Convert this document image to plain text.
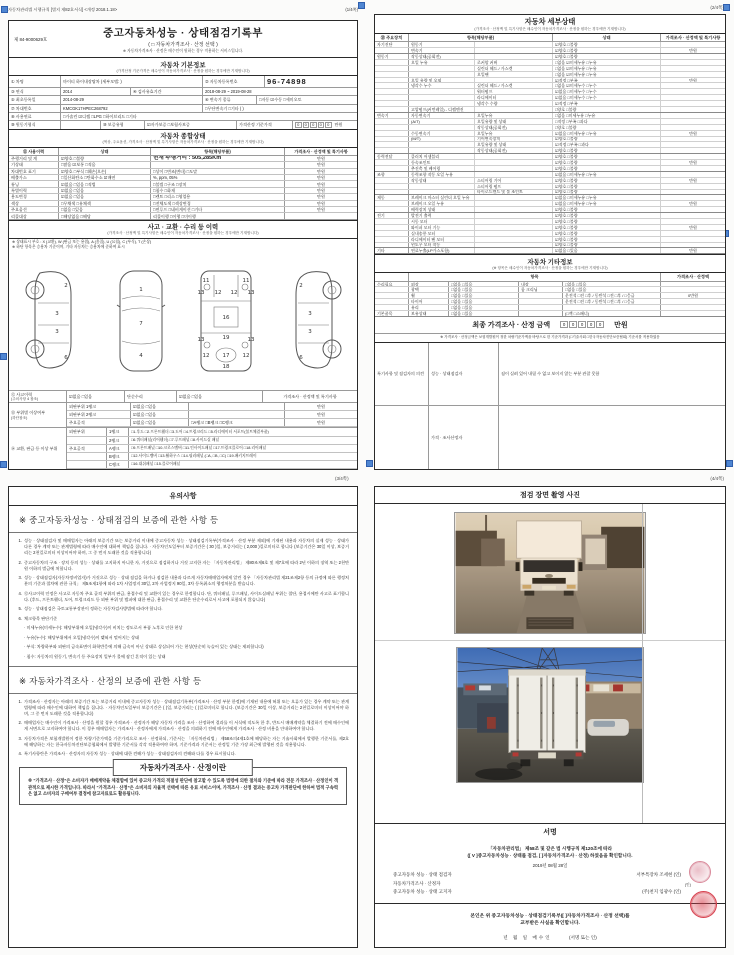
자동차관리법 시행규칙 [별지 제82호서식] <개정 2018.1.18>	(1/4쪽)	(2/4쪽)
(3/4쪽)	(4/4쪽)
제 84-9000629호
중고자동차성능 · 상태점검기록부
( □ 자동차가격조사 · 산정 선택 )
※ 자동차가격조사 · 산정은 매수인이 원하는 경우 적용하는 서비스입니다.
자동차 기본정보
(가격산정 기준가격은 매수인이 자동차가격조사 · 산정을 원하는 경우에만 기재합니다)
① 차명	마이티 하이내장탑차 (세부모델: )	② 자동차등록번호	96-74898
③ 연식	2014	④ 검사유효기간	2018-08-29 ~ 2019-08-28
⑤ 최초등록일	2014-08-29	⑥ 변속기 종류	□자동 ☑수동 □세미오토
⑦ 차대번호	KMCGK17HPEC268792	□무단변속기 □기타 ( )
⑧ 사용연료	□가솔린 ☑디젤 □LPG □하이브리드 □기타
⑨ 원동기형식	⑩ 보증유형	☑자가보증 □보험사보증	가격산정 기준가격	0	0	0	0	0	만원
자동차 종합상태
(색상, 주요옵션, 가격조사 · 산정액 및 특기사항은 자동차가격조사 · 산정을 원하는 경우에만 기재합니다)
⑪ 사용이력	상태	항목(해당부품)	가격조사 · 산정액 및 특기사항
주행거리 및 계	☑양호 □불량	현재 주행거리 : 505,285Km	만원
기상태	□많음 ☑보통 □적음	만원
차대번호 표기	☑양호 □부식 □훼손(오손)	□상이 □변조(변타) □도말	만원
배출가스	□일산화탄소 □탄화수소 ☑매연	%, ppm, 05%	만원
튜닝	☑없음 □있음 □적법	□불법 □구조 □장치	만원
특별이력	☑없음 □있음	□침수 □화재	만원
용도변경	☑없음 □있음	□렌트 □리스 □영업용	만원
색상	□무채색 □유채색	□전체도색 □색상변경	만원
주요옵션	□없음 □있음	□썬루프 □네비게이션 □기타	만원
리콜대상	□해당없음 □해당	리콜이행 □이행 □미이행
사고 · 교환 · 수리 등 이력
(가격조사 · 산정액 및 특기사항은 매수인이 자동차가격조사 · 산정을 원하는 경우에만 기재합니다)
※ 상태표시 부호 : X (교환), W (판금 또는 용접), A (흠집), U (요철), C (부식), T (손상)
※ 하단 항목은 승용차 기준이며, 기타 자동차는 승용차에 준하여 표시
2
3
3
6
1
7
4
11	11
13 12 12 13
16
13	19	13
12 17 12
18
2
3
3
6
⑫ 사고이력
(주의사항 4 참조)	☑없음 □있음	단순수리	☑없음 □있음	가격조사 · 산정액 및 특기사항
⑬ 부위별 이상여부
(하단참조)
외판부위 1랭크	☑없음 □있음	만원
외판부위 2랭크	☑없음 □있음	만원
주요골격	☑없음 □있음	□A랭크 □B랭크 □C랭크	만원
⑭ 교환, 판금 등 이상 부위
외판부위	1랭크	□1.후드 □2.프론트휀더 □3.도어 □4.트렁크리드 □5.라디에이터 서포트(볼트체결부품)
2랭크	□6.쿼터패널(리어휀더) □7.루프패널 □8.사이드실 패널
주요골격	A랭크	□9.프론트패널 □10.크로스멤버 □11.인사이드패널 □17.트렁크플로어 □18.리어패널
B랭크	□12.사이드멤버 □13.휠하우스 □14.필러패널 (□A, □B, □C) □19.패키지트레이
C랭크	□16.대쉬패널 □15.플로어패널
자동차 세부상태
(가격조사 · 산정액 및 특기사항은 매수인이 자동차가격조사 · 산정을 원하는 경우에만 기재합니다)
⑮ 주요장치	항목(해당부품)	상태	가격조사 · 산정액 및 특기사항
자기진단	원동기	☑양호 □불량
변속기	☑양호 □불량	만원
원동기	작동상태(공회전)	☑양호 □불량
오일 누유	로커암 커버	□없음 ☑미세누유 □누유
실린더 헤드 / 가스켓	□없음 ☑미세누유 □누유
오일팬	□없음 ☑미세누유 □누유
오일 유량 및 오염	☑적정 □부족	만원
냉각수 누수	실린더 헤드 / 가스켓	□없음 ☑미세누수 □누수
워터펌프	☑없음 □미세누수 □누수
라디에이터	☑없음 □미세누수 □누수
냉각수 수량	☑적정 □부족
고압펌프(커먼레일) - 디젤엔진	□양호 □불량
변속기	자동변속기	오일누유	□없음 □미세누유 □누유
(A/T)	오일유량 및 상태	□적정 □부족 □과다
작동상태(공회전)	□양호 □불량
수동변속기	오일누유	☑없음 □미세누유 □누유	만원
(M/T)	기어변속장치	☑양호 □불량
오일유량 및 상태	☑적정 □부족 □과다
작동상태(공회전)	☑양호 □불량
동력전달	클러치 어셈블리	☑양호 □불량
등속조인트	☑양호 □불량	만원
추진축 및 베어링	☑양호 □불량
조향	동력조향 작동 오일 누유	☑없음 □미세누유 □누유
작동상태	스티어링 기어	☑양호 □불량	만원
스티어링 펌프	☑양호 □불량
타이로드엔드 및 볼 조인트	☑양호 □불량
제동	브레이크 마스터 실린더 오일 누유	☑없음 □미세누유 □누유
브레이크 오일 누유	☑없음 □미세누유 □누유	만원
배력장치 상태	☑양호 □불량
전기	발전기 출력	☑양호 □불량
시동 모터	☑양호 □불량
와이퍼 모터 기능	☑양호 □불량	만원
실내송풍 모터	☑양호 □불량
라디에이터 팬 모터	☑양호 □불량
윈도우 모터 작동	☑양호 □불량
기타	연료누출(LP가스포함)	☑없음 □있음	만원
자동차 기타정보
(※ 항목은 매수인이 자동차가격조사 · 산정을 원하는 경우에만 기재합니다)
항목	가격조사 · 산정액
수리필요	외장	□없음 □있음	내장	□없음 □있음
광택	□없음 □있음	룸 크리닝	□없음 □있음
휠	□없음 □있음	운전석 □전 □후 / 동반석 □전 □후 / □응급	0만원
타이어	□없음 □있음	운전석 □전 □후 / 동반석 □전 □후 / □응급
유리	□없음 □있음
기본품목	보유상태	□없음 □있음	(□잭 □스패너)
최종 가격조사 · 산정 금액	0	0	0	0	0	만원
※ 가격조사 · 산정금액은 보험개발원이 정한 차량기준가액을 바탕으로 한 기준가격과 (□기술사회 □한국자동차진단보증협회) 기준서를 적용하였음
특기사항 및 점검자의 의견	성능 · 상태점검자	짐이 실려 있어 내릴 수 없고 보이지 않는 부분 관찰 못함
가격 · 조사산정자
유의사항
※ 중고자동차성능 · 상태점검의 보증에 관한 사항 등
1. 성능 · 상태점검자 및 매매업자는 아래의 보증기간 또는 보증거리 이내에 중고자동차 성능 · 상태점검기록부(가격조사 · 산정 부분 제외)에 기재된 내용과 자동차의 실제 성능 · 상태가 다른 경우 계약 또는 관계법령에 따라 매수인에 대하여 책임을 집니다. · 자동차인도일부터 보증기간은 ( 30 )일, 보증거리는 ( 2,000 )킬로미터로 합니다 (보증기간은 30일 이상, 보증거리는 2천킬로미터 이상이어야 하며, 그 중 먼저 도래한 것을 적용합니다)
2. 중고자동차의 구조 · 장치 등의 성능 · 상태를 고지하지 아니한 자, 거짓으로 점검하거나 거짓 고지한 자는 「자동차관리법」 제80조제6호 및 제7호에 따라 2년 이하의 징역 또는 2천만원 이하의 벌금에 처합니다.
3. 성능 · 상태점검자(자동차정비업자)가 거짓으로 성능 · 상태 점검을 하거나 점검한 내용과 다르게 자동차매매업자에게 알린 경우 「자동차관리법 제21조제2항 등의 규정에 따른 행정처분의 기준과 절차에 관한 규칙」 제5조제1항에 따라 1차 사업정지 30일, 2차 사업정지 90일, 3차 등록취소의 행정처분을 받습니다.
4. ⑫사고이력 인정은 사고로 자동차 주요 골격 부위의 판금, 용접수리 및 교환이 있는 경우로 한정합니다. 단, 쿼터패널, 루프패널, 사이드실패널 부위는 절단, 용접시에만 사고로 표기합니다. (후드, 프론트휀더, 도어, 트렁크리드 등 외판 부위 및 범퍼에 대한 판금, 용접수리 및 교환은 단순수리로서 사고에 포함되지 않습니다)
5. 성능 · 상태점검은 국토교통부장관이 정하는 자동차검사방법에 따라야 합니다.
6. 체크항목 판단기준
· 미세누유(미세누수): 해당부위에 오일(냉각수)이 비치는 정도로서 부품 노후로 인한 현상
· 누유(누수): 해당부위에서 오일(냉각수)이 맺혀서 떨어지는 상태
· 부식: 차량하부와 외판의 금속표면이 화학반응에 의해 금속이 아닌 상태로 상실되어 가는 현상(단순히 녹슬어 있는 상태는 제외합니다)
· 침수: 자동차의 원동기, 변속기 등 주요장치 일부가 물에 잠긴 흔적이 있는 상태
※ 자동차가격조사 · 산정의 보증에 관한 사항 등
1. 가격조사 · 산정자는 아래의 보증기간 또는 보증거리 이내에 중고자동차 성능 · 상태점검기록부(가격조사 · 산정 부분 한정)에 기재된 내용에 허위 또는 오류가 있는 경우 계약 또는 관계법령에 따라 매수인에 대하여 책임을 집니다. · 자동차인도일부터 보증기간은 ( )일, 보증거리는 ( )킬로미터로 합니다. (보증기간은 30일 이상, 보증거리는 2천킬로미터 이상이어야 하며, 그 중 먼저 도래한 것을 적용합니다)
2. 매매업자는 매수인이 가격조사 · 산정을 원할 경우 가격조사 · 산정자가 해당 자동차 가격을 조사 · 산정하여 결과를 이 서식에 적도록 한 후, 반드시 매매계약을 체결하기 전에 매수인에게 서면으로 고지하여야 합니다. 이 경우 매매업자는 가격조사 · 산정자에게 가격조사 · 산정을 의뢰하기 전에 매수인에게 가격조사 · 산정 비용을 안내하여야 합니다.
3. 자동차가격은 보험개발원이 정한 차량기준가액을 기준가격으로 조사 · 산정하되, 기준서는 「자동차관리법」 제58조의4제1호에 해당하는 자는 기술사회에서 발행한 기준서를, 제2호에 해당하는 자는 한국자동차진단보증협회에서 발행한 기준서를 각각 적용하여야 하며, 기준가격과 기준서는 산정일 기준 가장 최근에 발행된 것을 적용합니다.
4. 특기사항란은 가격조사 · 산정자의 자동차 성능 · 상태에 대한 견해가 성능 · 상태점검자의 견해와 다를 경우 표시합니다.
자동차가격조사 · 산정이란
※ “가격조사 · 산정”은 소비자가 매매계약을 체결함에 있어 중고차 가격의 적절성 판단에 참고할 수 있도록 법령에 의한 절차와 기준에 따라 전문 가격조사 · 산정인이 객관적으로 제시한 가격입니다. 따라서 “가격조사 · 산정”은 소비자의 자율적 선택에 따른 유료 서비스이며, 가격조사 · 산정 결과는 중고차 가격판단에 한하여 법적 구속력은 없고 소비자의 구매여부 결정에 참고자료로도 활용됩니다.
점검 장면 촬영 사진
서명
「자동차관리법」 제58조 및 같은 법 시행규칙 제120조에 따라
([ V ]중고자동차성능 · 상태를 점검, [ ]자동차가격조사 · 산정) 하였음을 확인합니다.
2019년 08월 28일
중고자동차 성능 · 상태 점검자	서부특장차 조세현 (인)
자동차가격조사 · 산정자
중고자동차 성능 · 상태 고지자	(주)천지 임광수 (인)
(인)
본인은 위 중고자동차성능 · 상태점검기록부([ ]자동차가격조사 · 산정 선택)를
교부받은 사실을 확인합니다.
년 월 일 매수인	(서명 또는 인)
